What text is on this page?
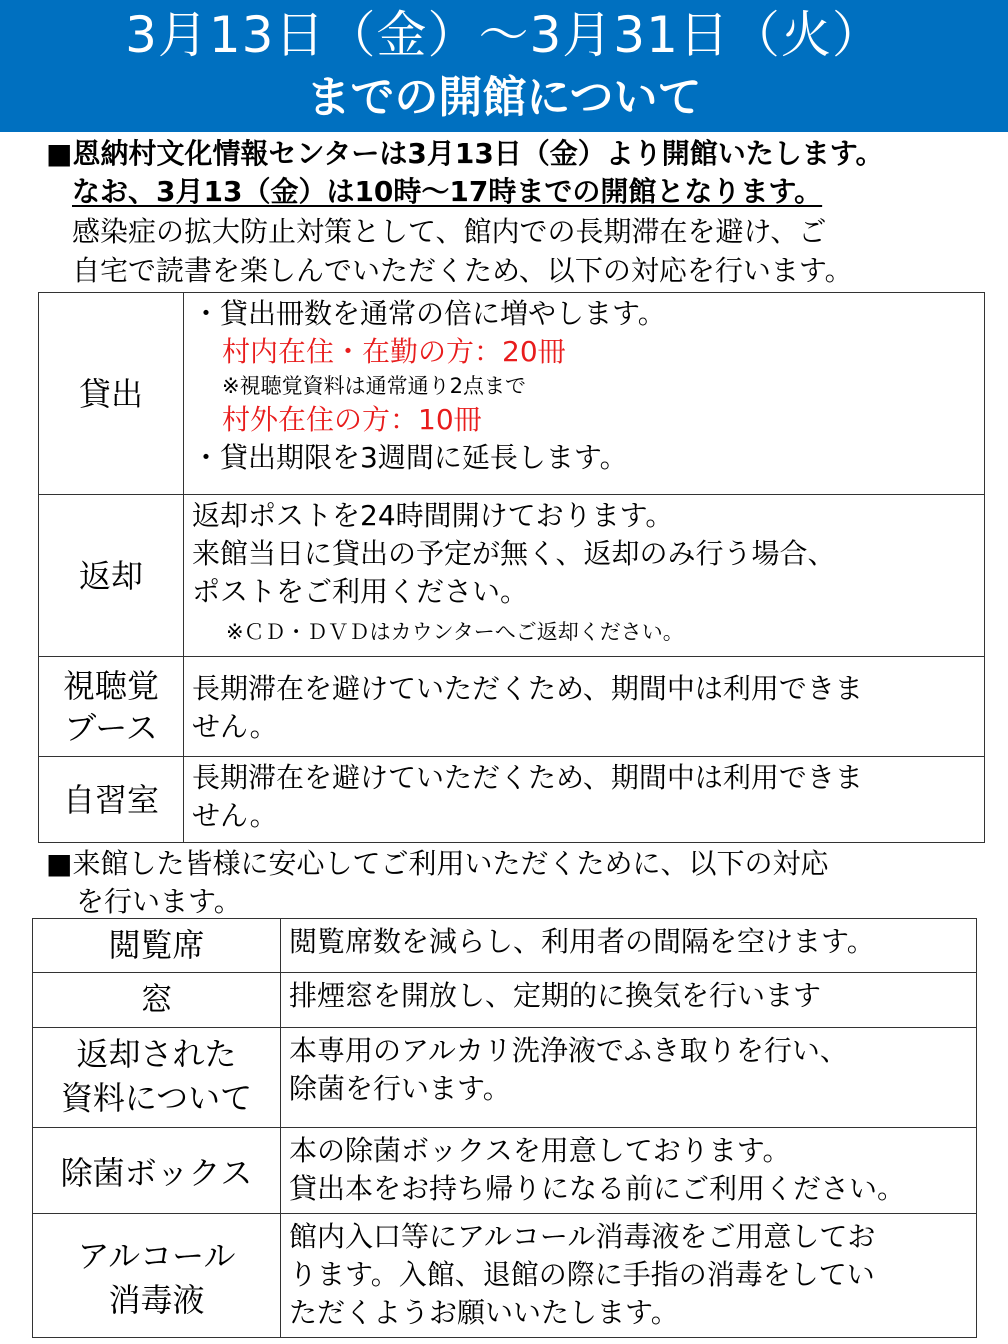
3月13日（金）～3月31日（火）
までの開館について
■恩納村文化情報センターは3月13日（金）より開館いたします。
なお、3月13（金）は10時～17時までの開館となります。
感染症の拡大防止対策として、館内での長期滞在を避け、ご
自宅で読書を楽しんでいただくため、以下の対応を行います。
貸出	・貸出冊数を通常の倍に増やします。
村内在住・在勤の方：20冊
※視聴覚資料は通常通り2点まで
村外在住の方：10冊
・貸出期限を3週間に延長します。

返却	返却ポストを24時間開けております。
来館当日に貸出の予定が無く、返却のみ行う場合、
ポストをご利用ください。
※ＣＤ・ＤＶＤはカウンターへご返却ください。

視聴覚
ブース	長期滞在を避けていただくため、期間中は利用できま
せん。

自習室	長期滞在を避けていただくため、期間中は利用できま
せん。
■来館した皆様に安心してご利用いただくために、以下の対応
を行います。
閲覧席	閲覧席数を減らし、利用者の間隔を空けます。

窓	排煙窓を開放し、定期的に換気を行います

返却された
資料について	本専用のアルカリ洗浄液でふき取りを行い、
除菌を行います。

除菌ボックス	本の除菌ボックスを用意しております。
貸出本をお持ち帰りになる前にご利用ください。

アルコール
消毒液	館内入口等にアルコール消毒液をご用意してお
ります。入館、退館の際に手指の消毒をしてい
ただくようお願いいたします。
